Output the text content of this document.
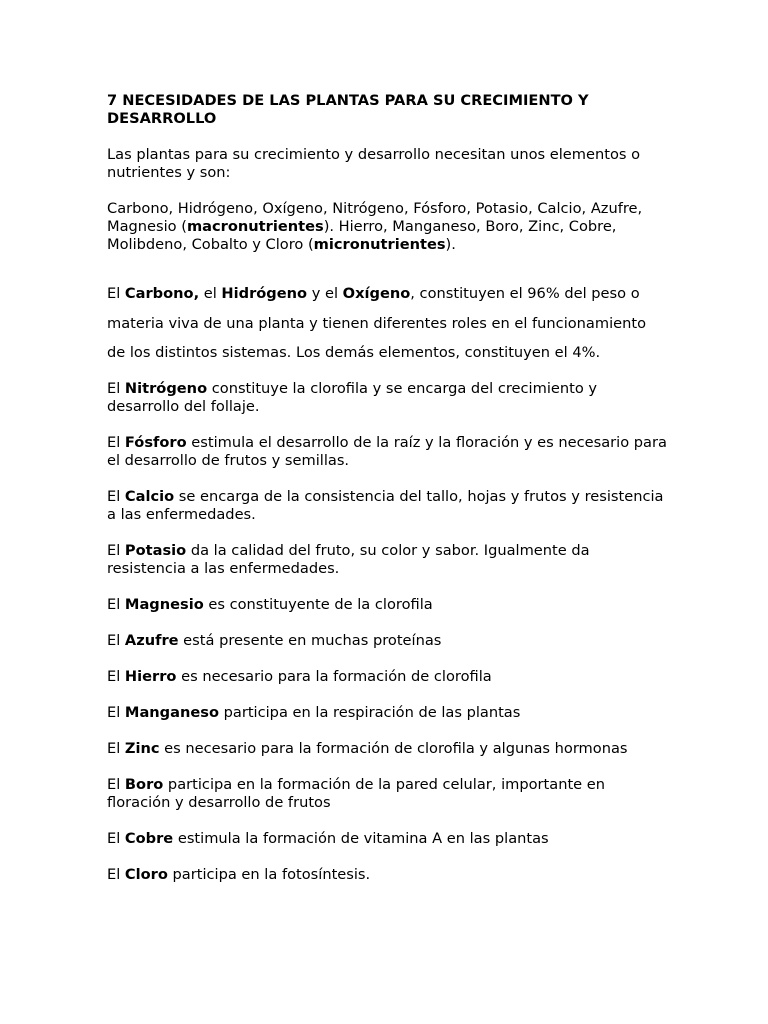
7 NECESIDADES DE LAS PLANTAS PARA SU CRECIMIENTO Y DESARROLLO
Las plantas para su crecimiento y desarrollo necesitan unos elementos o nutrientes y son:
Carbono, Hidrógeno, Oxígeno, Nitrógeno, Fósforo, Potasio, Calcio, Azufre, Magnesio (macronutrientes). Hierro, Manganeso, Boro, Zinc, Cobre, Molibdeno, Cobalto y Cloro (micronutrientes).
El Carbono, el Hidrógeno y el Oxígeno, constituyen el 96% del peso o materia viva de una planta y tienen diferentes roles en el funcionamiento de los distintos sistemas. Los demás elementos, constituyen el 4%.
El Nitrógeno constituye la clorofila y se encarga del crecimiento y desarrollo del follaje.
El Fósforo estimula el desarrollo de la raíz y la floración y es necesario para el desarrollo de frutos y semillas.
El Calcio se encarga de la consistencia del tallo, hojas y frutos y resistencia a las enfermedades.
El Potasio da la calidad del fruto, su color y sabor. Igualmente da resistencia a las enfermedades.
El Magnesio es constituyente de la clorofila
El Azufre está presente en muchas proteínas
El Hierro es necesario para la formación de clorofila
El Manganeso participa en la respiración de las plantas
El Zinc es necesario para la formación de clorofila y algunas hormonas
El Boro participa en la formación de la pared celular, importante en floración y desarrollo de frutos
El Cobre estimula la formación de vitamina A en las plantas
El Cloro participa en la fotosíntesis.
